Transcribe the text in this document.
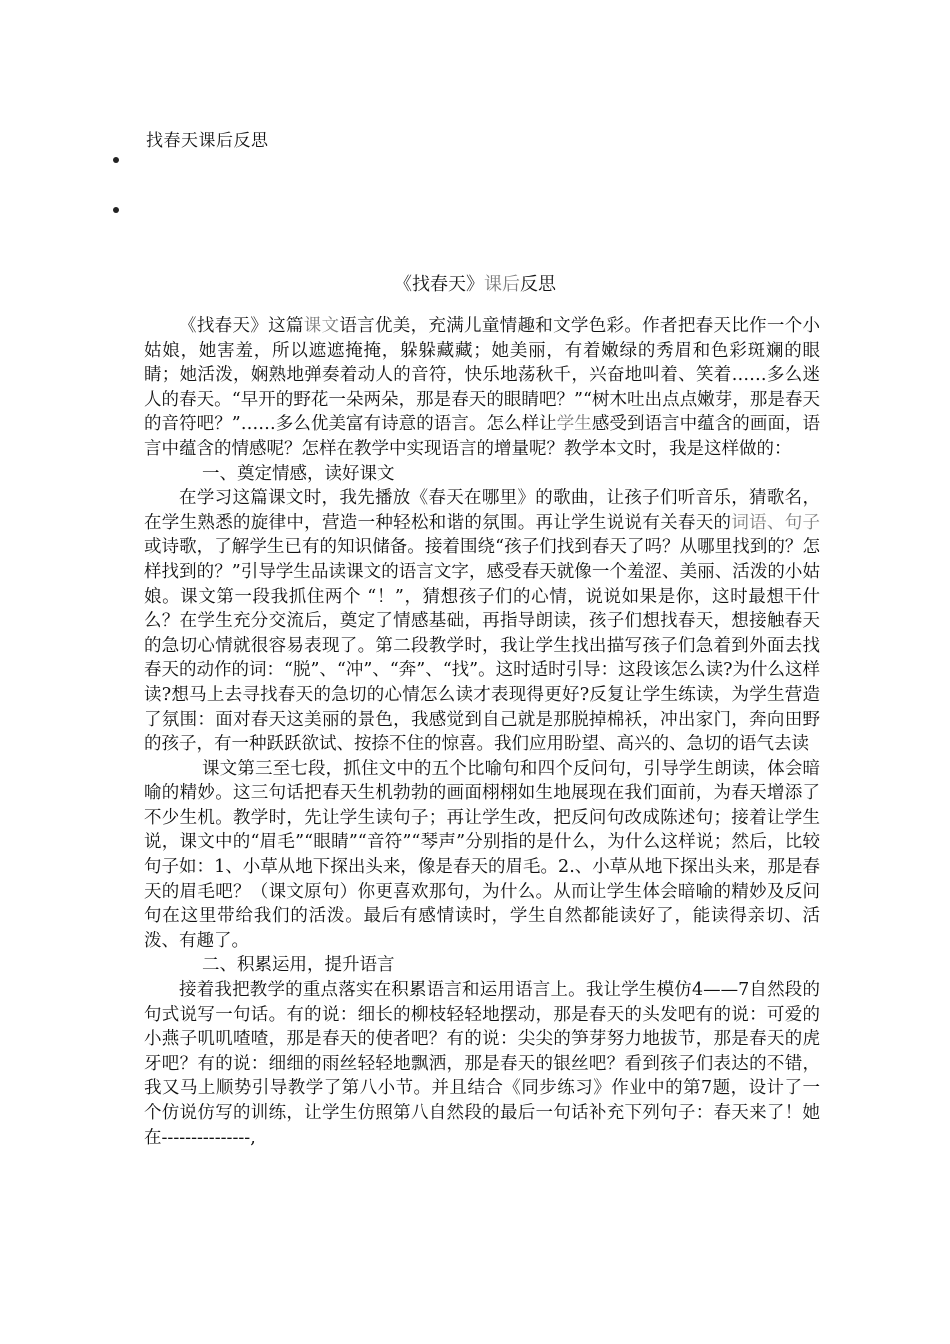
找春天课后反思
《找春天》课后反思

《找春天》这篇课文语言优美，充满儿童情趣和文学色彩。作者把春天比作一个小姑娘，她害羞，所以遮遮掩掩，躲躲藏藏；她美丽，有着嫩绿的秀眉和色彩斑斓的眼睛；她活泼，娴熟地弹奏着动人的音符，快乐地荡秋千，兴奋地叫着、笑着……多么迷人的春天。“早开的野花一朵两朵，那是春天的眼睛吧？”“树木吐出点点嫩芽，那是春天的音符吧？”……多么优美富有诗意的语言。怎么样让学生感受到语言中蕴含的画面，语言中蕴含的情感呢？怎样在教学中实现语言的增量呢？教学本文时，我是这样做的：

一、奠定情感，读好课文

在学习这篇课文时，我先播放《春天在哪里》的歌曲，让孩子们听音乐，猜歌名，在学生熟悉的旋律中，营造一种轻松和谐的氛围。再让学生说说有关春天的词语、句子或诗歌，了解学生已有的知识储备。接着围绕“孩子们找到春天了吗？从哪里找到的？怎样找到的？”引导学生品读课文的语言文字，感受春天就像一个羞涩、美丽、活泼的小姑娘。课文第一段我抓住两个 “！”，猜想孩子们的心情，说说如果是你，这时最想干什么？在学生充分交流后，奠定了情感基础，再指导朗读，孩子们想找春天，想接触春天的急切心情就很容易表现了。第二段教学时，我让学生找出描写孩子们急着到外面去找春天的动作的词：“脱”、“冲”、“奔”、“找”。这时适时引导：这段该怎么读?为什么这样读?想马上去寻找春天的急切的心情怎么读才表现得更好?反复让学生练读，为学生营造了氛围：面对春天这美丽的景色，我感觉到自己就是那脱掉棉袄，冲出家门，奔向田野的孩子，有一种跃跃欲试、按捺不住的惊喜。我们应用盼望、高兴的、急切的语气去读

课文第三至七段，抓住文中的五个比喻句和四个反问句，引导学生朗读，体会暗喻的精妙。这三句话把春天生机勃勃的画面栩栩如生地展现在我们面前，为春天增添了不少生机。教学时，先让学生读句子；再让学生改，把反问句改成陈述句；接着让学生说，课文中的“眉毛”“眼睛”“音符”“琴声”分别指的是什么，为什么这样说；然后，比较句子如：1、小草从地下探出头来，像是春天的眉毛。2.、小草从地下探出头来，那是春天的眉毛吧？（课文原句）你更喜欢那句，为什么。从而让学生体会暗喻的精妙及反问句在这里带给我们的活泼。最后有感情读时，学生自然都能读好了，能读得亲切、活泼、有趣了。

二、积累运用，提升语言

接着我把教学的重点落实在积累语言和运用语言上。我让学生模仿4——7自然段的句式说写一句话。有的说：细长的柳枝轻轻地摆动，那是春天的头发吧有的说：可爱的小燕子叽叽喳喳，那是春天的使者吧？有的说：尖尖的笋芽努力地拔节，那是春天的虎牙吧？有的说：细细的雨丝轻轻地飘洒，那是春天的银丝吧？看到孩子们表达的不错，我又马上顺势引导教学了第八小节。并且结合《同步练习》作业中的第7题，设计了一个仿说仿写的训练，让学生仿照第八自然段的最后一句话补充下列句子：春天来了！她在---------------,
